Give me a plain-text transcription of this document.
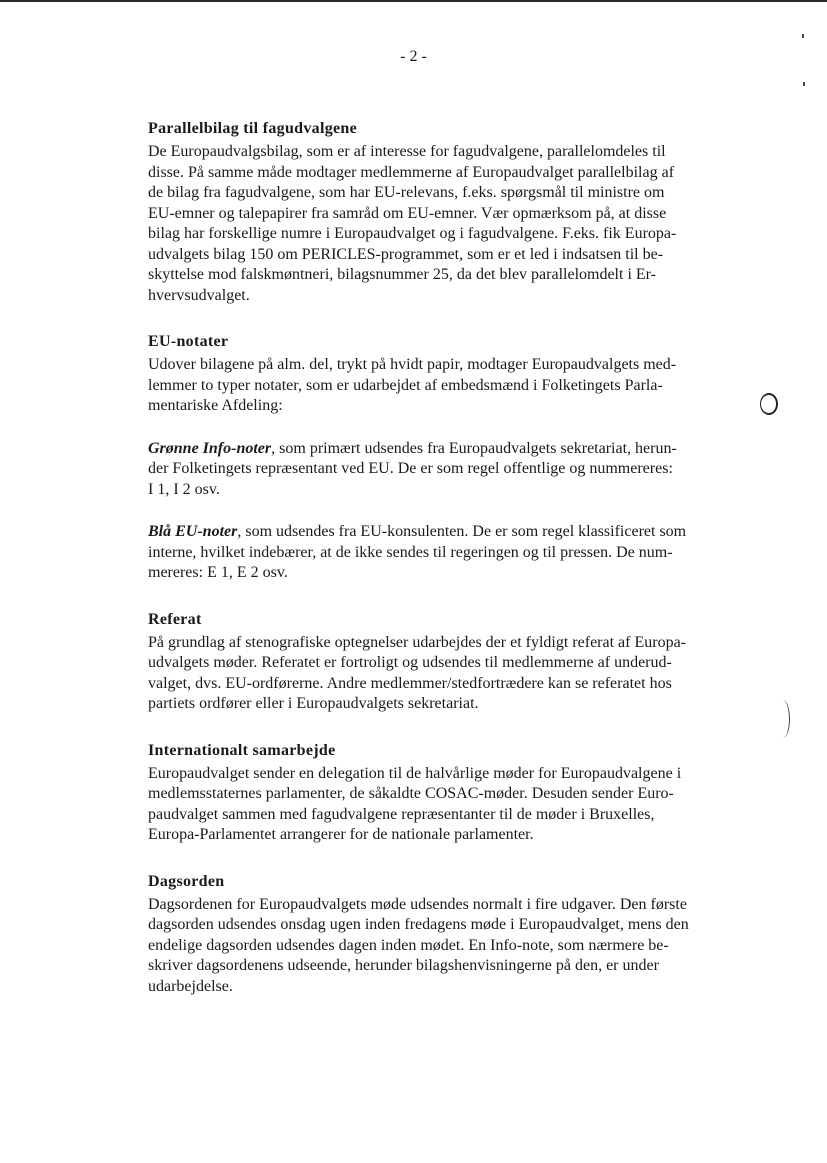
- 2 -

Parallelbilag til fagudvalgene

De Europaudvalgsbilag, som er af interesse for fagudvalgene, parallelomdeles til
disse. På samme måde modtager medlemmerne af Europaudvalget parallelbilag af
de bilag fra fagudvalgene, som har EU-relevans, f.eks. spørgsmål til ministre om
EU-emner og talepapirer fra samråd om EU-emner. Vær opmærksom på, at disse
bilag har forskellige numre i Europaudvalget og i fagudvalgene. F.eks. fik Europa-
udvalgets bilag 150 om PERICLES-programmet, som er et led i indsatsen til be-
skyttelse mod falskmøntneri, bilagsnummer 25, da det blev parallelomdelt i Er-
hvervsudvalget.

EU-notater

Udover bilagene på alm. del, trykt på hvidt papir, modtager Europaudvalgets med-
lemmer to typer notater, som er udarbejdet af embedsmænd i Folketingets Parla-
mentariske Afdeling:

Grønne Info-noter, som primært udsendes fra Europaudvalgets sekretariat, herun-
der Folketingets repræsentant ved EU. De er som regel offentlige og nummereres:
I 1, I 2 osv.

Blå EU-noter, som udsendes fra EU-konsulenten. De er som regel klassificeret som
interne, hvilket indebærer, at de ikke sendes til regeringen og til pressen. De num-
mereres: E 1, E 2 osv.

Referat

På grundlag af stenografiske optegnelser udarbejdes der et fyldigt referat af Europa-
udvalgets møder. Referatet er fortroligt og udsendes til medlemmerne af underud-
valget, dvs. EU-ordførerne. Andre medlemmer/stedfortrædere kan se referatet hos
partiets ordfører eller i Europaudvalgets sekretariat.

Internationalt samarbejde

Europaudvalget sender en delegation til de halvårlige møder for Europaudvalgene i
medlemsstaternes parlamenter, de såkaldte COSAC-møder. Desuden sender Euro-
paudvalget sammen med fagudvalgene repræsentanter til de møder i Bruxelles,
Europa-Parlamentet arrangerer for de nationale parlamenter.

Dagsorden

Dagsordenen for Europaudvalgets møde udsendes normalt i fire udgaver. Den første
dagsorden udsendes onsdag ugen inden fredagens møde i Europaudvalget, mens den
endelige dagsorden udsendes dagen inden mødet. En Info-note, som nærmere be-
skriver dagsordenens udseende, herunder bilagshenvisningerne på den, er under
udarbejdelse.
